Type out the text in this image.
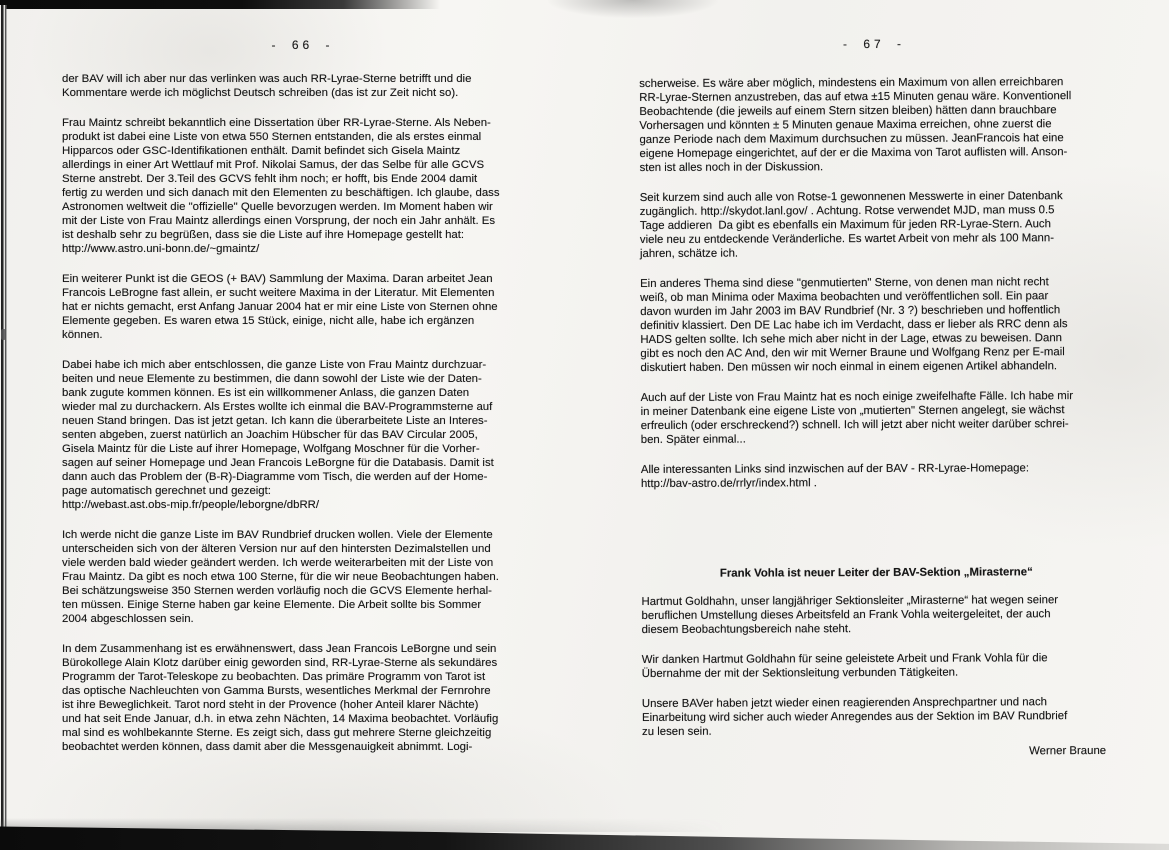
- 66 -
der BAV will ich aber nur das verlinken was auch RR-Lyrae-Sterne betrifft und die
Kommentare werde ich möglichst Deutsch schreiben (das ist zur Zeit nicht so).
Frau Maintz schreibt bekanntlich eine Dissertation über RR-Lyrae-Sterne. Als Neben-
produkt ist dabei eine Liste von etwa 550 Sternen entstanden, die als erstes einmal
Hipparcos oder GSC-Identifikationen enthält. Damit befindet sich Gisela Maintz
allerdings in einer Art Wettlauf mit Prof. Nikolai Samus, der das Selbe für alle GCVS
Sterne anstrebt. Der 3.Teil des GCVS fehlt ihm noch; er hofft, bis Ende 2004 damit
fertig zu werden und sich danach mit den Elementen zu beschäftigen. Ich glaube, dass
Astronomen weltweit die "offizielle" Quelle bevorzugen werden. Im Moment haben wir
mit der Liste von Frau Maintz allerdings einen Vorsprung, der noch ein Jahr anhält. Es
ist deshalb sehr zu begrüßen, dass sie die Liste auf ihre Homepage gestellt hat:
http://www.astro.uni-bonn.de/~gmaintz/
Ein weiterer Punkt ist die GEOS (+ BAV) Sammlung der Maxima. Daran arbeitet Jean
Francois LeBrogne fast allein, er sucht weitere Maxima in der Literatur. Mit Elementen
hat er nichts gemacht, erst Anfang Januar 2004 hat er mir eine Liste von Sternen ohne
Elemente gegeben. Es waren etwa 15 Stück, einige, nicht alle, habe ich ergänzen
können.
Dabei habe ich mich aber entschlossen, die ganze Liste von Frau Maintz durchzuar-
beiten und neue Elemente zu bestimmen, die dann sowohl der Liste wie der Daten-
bank zugute kommen können. Es ist ein willkommener Anlass, die ganzen Daten
wieder mal zu durchackern. Als Erstes wollte ich einmal die BAV-Programmsterne auf
neuen Stand bringen. Das ist jetzt getan. Ich kann die überarbeitete Liste an Interes-
senten abgeben, zuerst natürlich an Joachim Hübscher für das BAV Circular 2005,
Gisela Maintz für die Liste auf ihrer Homepage, Wolfgang Moschner für die Vorher-
sagen auf seiner Homepage und Jean Francois LeBorgne für die Databasis. Damit ist
dann auch das Problem der (B-R)-Diagramme vom Tisch, die werden auf der Home-
page automatisch gerechnet und gezeigt:
http://webast.ast.obs-mip.fr/people/leborgne/dbRR/
Ich werde nicht die ganze Liste im BAV Rundbrief drucken wollen. Viele der Elemente
unterscheiden sich von der älteren Version nur auf den hintersten Dezimalstellen und
viele werden bald wieder geändert werden. Ich werde weiterarbeiten mit der Liste von
Frau Maintz. Da gibt es noch etwa 100 Sterne, für die wir neue Beobachtungen haben.
Bei schätzungsweise 350 Sternen werden vorläufig noch die GCVS Elemente herhal-
ten müssen. Einige Sterne haben gar keine Elemente. Die Arbeit sollte bis Sommer
2004 abgeschlossen sein.
In dem Zusammenhang ist es erwähnenswert, dass Jean Francois LeBorgne und sein
Bürokollege Alain Klotz darüber einig geworden sind, RR-Lyrae-Sterne als sekundäres
Programm der Tarot-Teleskope zu beobachten. Das primäre Programm von Tarot ist
das optische Nachleuchten von Gamma Bursts, wesentliches Merkmal der Fernrohre
ist ihre Beweglichkeit. Tarot nord steht in der Provence (hoher Anteil klarer Nächte)
und hat seit Ende Januar, d.h. in etwa zehn Nächten, 14 Maxima beobachtet. Vorläufig
mal sind es wohlbekannte Sterne. Es zeigt sich, dass gut mehrere Sterne gleichzeitig
beobachtet werden können, dass damit aber die Messgenauigkeit abnimmt. Logi-
- 67 -
scherweise. Es wäre aber möglich, mindestens ein Maximum von allen erreichbaren
RR-Lyrae-Sternen anzustreben, das auf etwa ±15 Minuten genau wäre. Konventionell
Beobachtende (die jeweils auf einem Stern sitzen bleiben) hätten dann brauchbare
Vorhersagen und könnten ± 5 Minuten genaue Maxima erreichen, ohne zuerst die
ganze Periode nach dem Maximum durchsuchen zu müssen. JeanFrancois hat eine
eigene Homepage eingerichtet, auf der er die Maxima von Tarot auflisten will. Anson-
sten ist alles noch in der Diskussion.
Seit kurzem sind auch alle von Rotse-1 gewonnenen Messwerte in einer Datenbank
zugänglich. http://skydot.lanl.gov/ . Achtung. Rotse verwendet MJD, man muss 0.5
Tage addieren  Da gibt es ebenfalls ein Maximum für jeden RR-Lyrae-Stern. Auch
viele neu zu entdeckende Veränderliche. Es wartet Arbeit von mehr als 100 Mann-
jahren, schätze ich.
Ein anderes Thema sind diese "genmutierten" Sterne, von denen man nicht recht
weiß, ob man Minima oder Maxima beobachten und veröffentlichen soll. Ein paar
davon wurden im Jahr 2003 im BAV Rundbrief (Nr. 3 ?) beschrieben und hoffentlich
definitiv klassiert. Den DE Lac habe ich im Verdacht, dass er lieber als RRC denn als
HADS gelten sollte. Ich sehe mich aber nicht in der Lage, etwas zu beweisen. Dann
gibt es noch den AC And, den wir mit Werner Braune und Wolfgang Renz per E-mail
diskutiert haben. Den müssen wir noch einmal in einem eigenen Artikel abhandeln.
Auch auf der Liste von Frau Maintz hat es noch einige zweifelhafte Fälle. Ich habe mir
in meiner Datenbank eine eigene Liste von „mutierten" Sternen angelegt, sie wächst
erfreulich (oder erschreckend?) schnell. Ich will jetzt aber nicht weiter darüber schrei-
ben. Später einmal...
Alle interessanten Links sind inzwischen auf der BAV - RR-Lyrae-Homepage:
http://bav-astro.de/rrlyr/index.html .
Frank Vohla ist neuer Leiter der BAV-Sektion „Mirasterne“
Hartmut Goldhahn, unser langjähriger Sektionsleiter „Mirasterne“ hat wegen seiner
beruflichen Umstellung dieses Arbeitsfeld an Frank Vohla weitergeleitet, der auch
diesem Beobachtungsbereich nahe steht.
Wir danken Hartmut Goldhahn für seine geleistete Arbeit und Frank Vohla für die
Übernahme der mit der Sektionsleitung verbunden Tätigkeiten.
Unsere BAVer haben jetzt wieder einen reagierenden Ansprechpartner und nach
Einarbeitung wird sicher auch wieder Anregendes aus der Sektion im BAV Rundbrief
zu lesen sein.
Werner Braune
